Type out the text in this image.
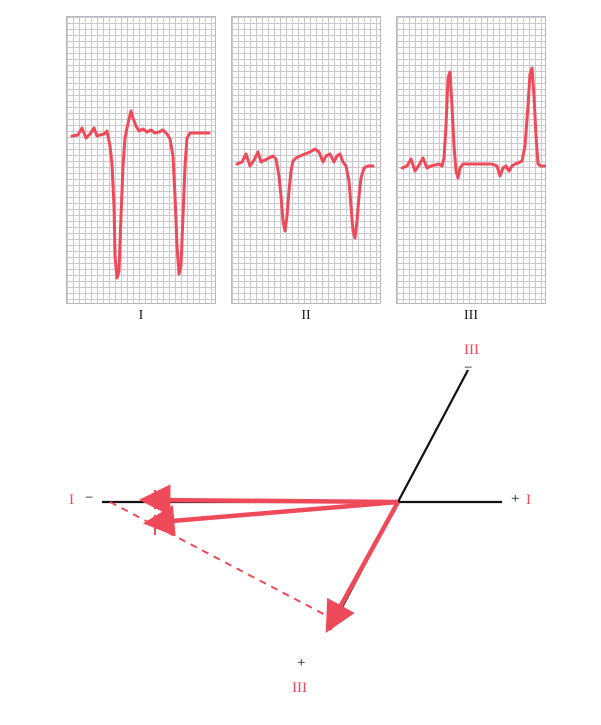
I	II	III
I −	+ I
III
−
+
III
